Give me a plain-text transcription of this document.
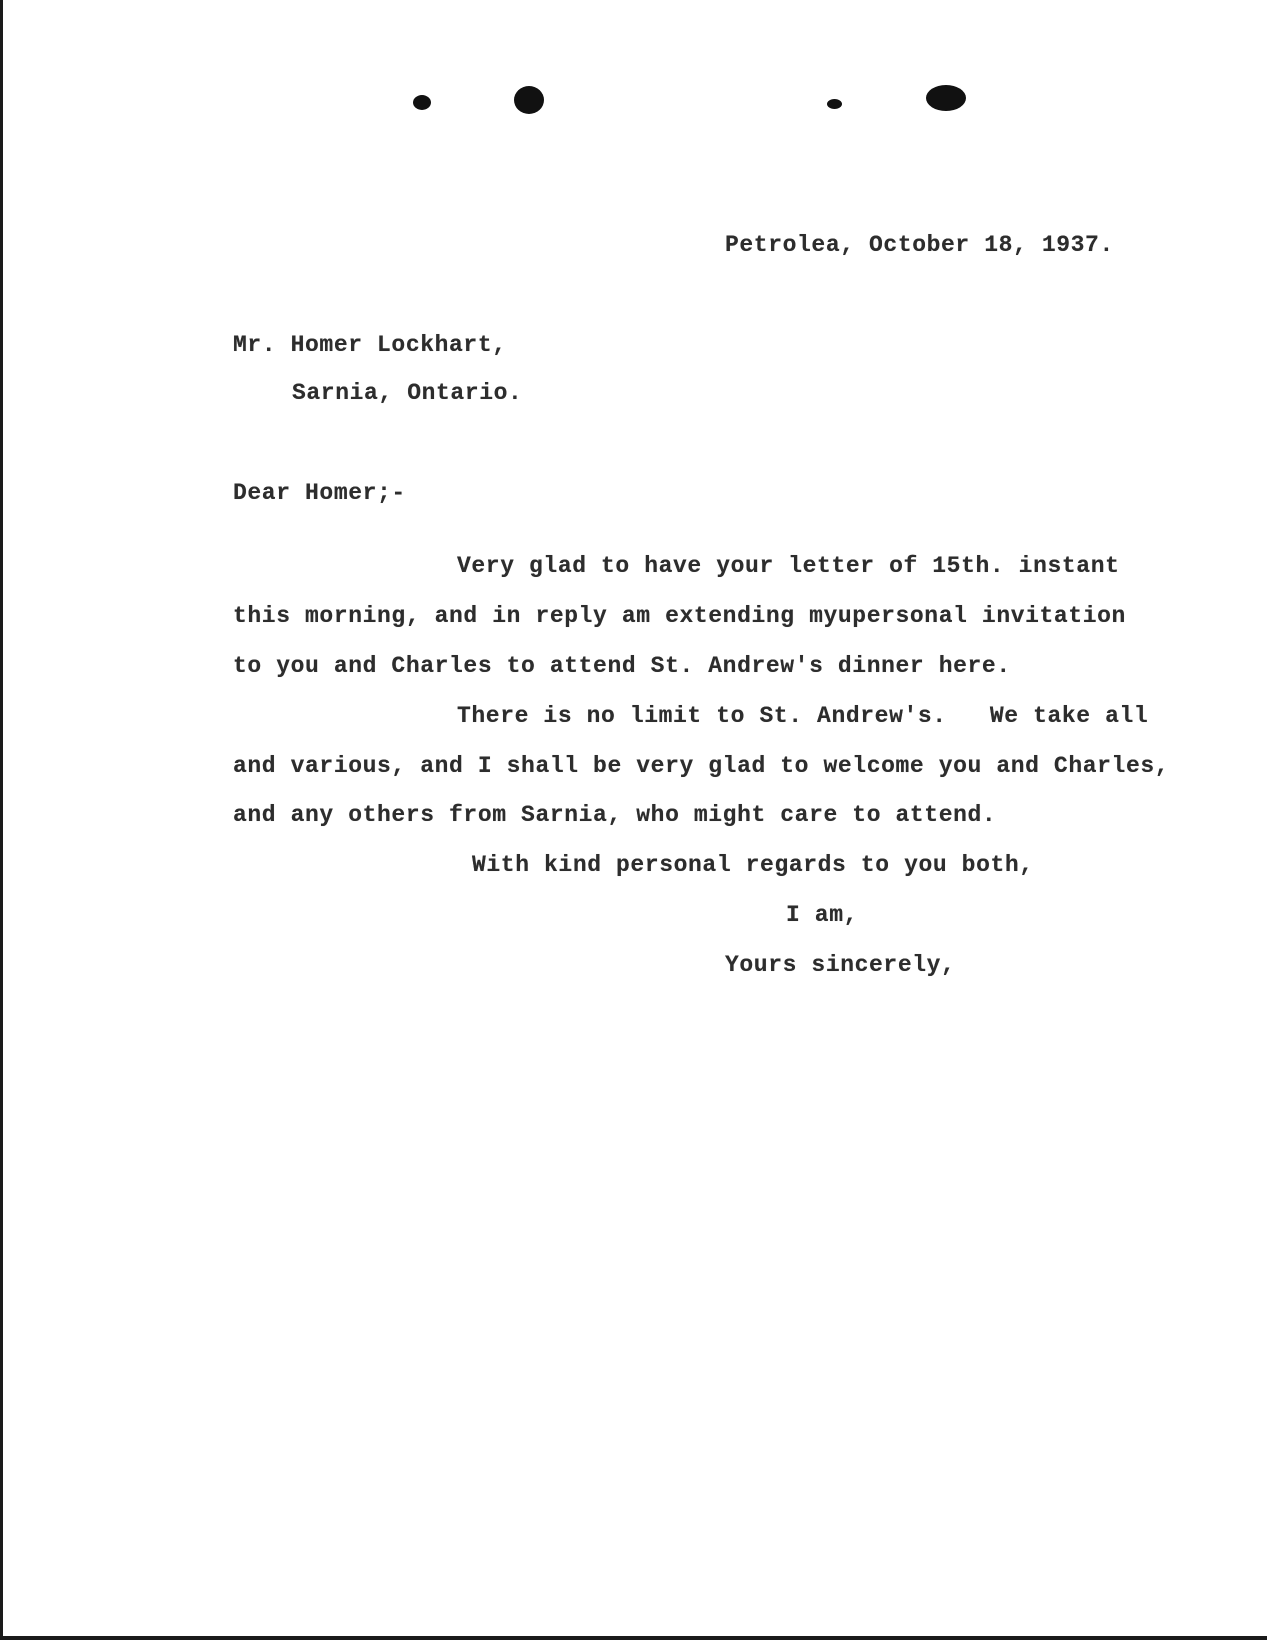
Petrolea, October 18, 1937.
Mr. Homer Lockhart,
Sarnia, Ontario.
Dear Homer;-
Very glad to have your letter of 15th. instant
this morning, and in reply am extending myupersonal invitation
to you and Charles to attend St. Andrew's dinner here.
There is no limit to St. Andrew's.   We take all
and various, and I shall be very glad to welcome you and Charles,
and any others from Sarnia, who might care to attend.
With kind personal regards to you both,
I am,
Yours sincerely,
